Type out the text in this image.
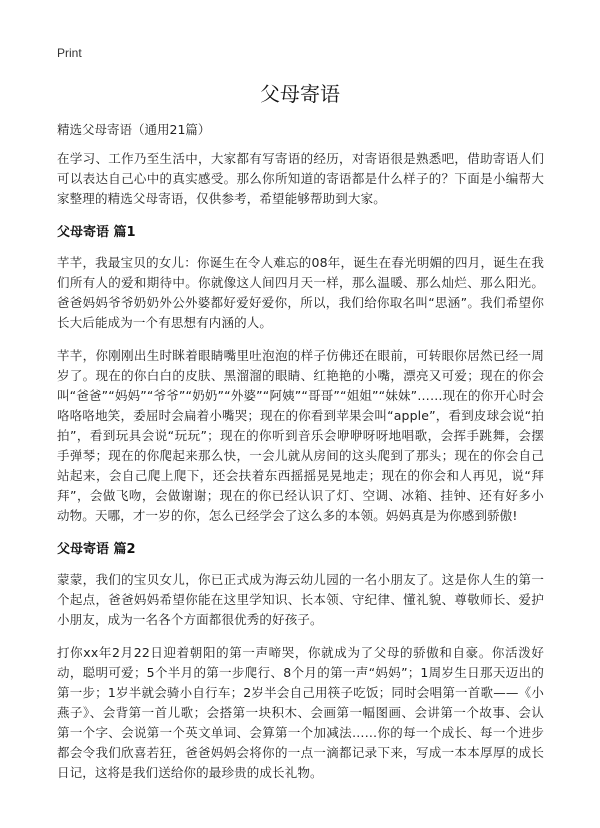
Print
父母寄语
精选父母寄语（通用21篇）

在学习、工作乃至生活中，大家都有写寄语的经历，对寄语很是熟悉吧，借助寄语人们可以表达自己心中的真实感受。那么你所知道的寄语都是什么样子的？下面是小编帮大家整理的精选父母寄语，仅供参考，希望能够帮助到大家。

父母寄语 篇1

芊芊，我最宝贝的女儿：你诞生在令人难忘的08年，诞生在春光明媚的四月，诞生在我们所有人的爱和期待中。你就像这人间四月天一样，那么温暖、那么灿烂、那么阳光。爸爸妈妈爷爷奶奶外公外婆都好爱好爱你，所以，我们给你取名叫“思涵”。我们希望你长大后能成为一个有思想有内涵的人。

芊芊，你刚刚出生时眯着眼睛嘴里吐泡泡的样子仿佛还在眼前，可转眼你居然已经一周岁了。现在的你白白的皮肤、黑溜溜的眼睛、红艳艳的小嘴，漂亮又可爱；现在的你会叫“爸爸”“妈妈”“爷爷”“奶奶”“外婆”“阿姨”“哥哥”“姐姐”“妹妹”……现在的你开心时会咯咯咯地笑，委屈时会扁着小嘴哭；现在的你看到苹果会叫“apple”，看到皮球会说“拍拍”，看到玩具会说“玩玩”；现在的你听到音乐会咿咿呀呀地唱歌，会挥手跳舞，会摆手弹琴；现在的你爬起来那么快，一会儿就从房间的这头爬到了那头；现在的你会自己站起来，会自己爬上爬下，还会扶着东西摇摇晃晃地走；现在的你会和人再见，说“拜拜”，会做飞吻，会做谢谢；现在的你已经认识了灯、空调、冰箱、挂钟、还有好多小动物。天哪，才一岁的你，怎么已经学会了这么多的本领。妈妈真是为你感到骄傲!

父母寄语 篇2

蒙蒙，我们的宝贝女儿，你已正式成为海云幼儿园的一名小朋友了。这是你人生的第一个起点，爸爸妈妈希望你能在这里学知识、长本领、守纪律、懂礼貌、尊敬师长、爱护小朋友，成为一名各个方面都很优秀的好孩子。

打你xx年2月22日迎着朝阳的第一声啼哭，你就成为了父母的骄傲和自豪。你活泼好动，聪明可爱；5个半月的第一步爬行、8个月的第一声“妈妈”；1周岁生日那天迈出的第一步；1岁半就会骑小自行车；2岁半会自己用筷子吃饭；同时会唱第一首歌——《小燕子》、会背第一首儿歌；会搭第一块积木、会画第一幅图画、会讲第一个故事、会认第一个字、会说第一个英文单词、会算第一个加减法……你的每一个成长、每一个进步都会令我们欣喜若狂，爸爸妈妈会将你的一点一滴都记录下来，写成一本本厚厚的成长日记，这将是我们送给你的最珍贵的成长礼物。
